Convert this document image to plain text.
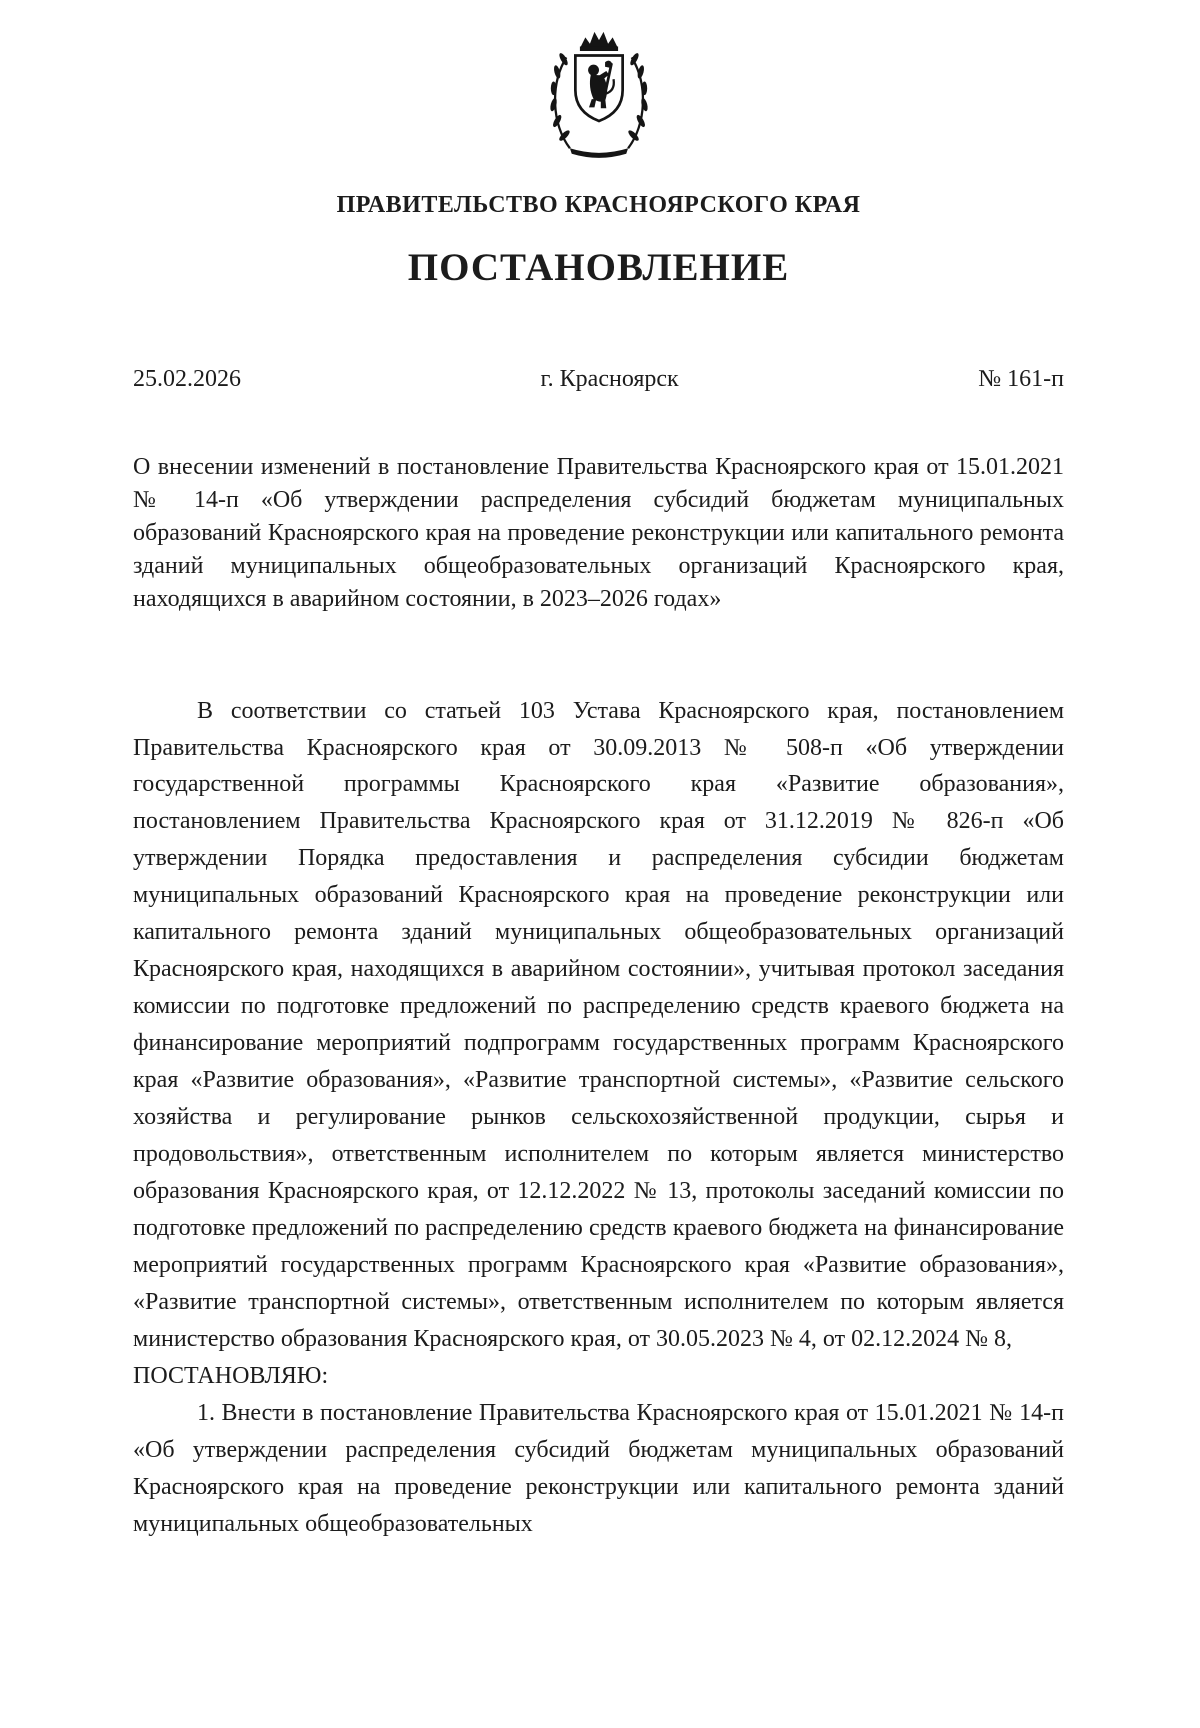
ПРАВИТЕЛЬСТВО КРАСНОЯРСКОГО КРАЯ
ПОСТАНОВЛЕНИЕ
25.02.2026	г. Красноярск	№ 161-п

О внесении изменений в постановление Правительства Красноярского края от 15.01.2021 № 14-п «Об утверждении распределения субсидий бюджетам муниципальных образований Красноярского края на проведение реконструкции или капитального ремонта зданий муниципальных общеобразовательных организаций Красноярского края, находящихся в аварийном состоянии, в 2023–2026 годах»

В соответствии со статьей 103 Устава Красноярского края, постановлением Правительства Красноярского края от 30.09.2013 № 508-п «Об утверждении государственной программы Красноярского края «Развитие образования», постановлением Правительства Красноярского края от 31.12.2019 № 826-п «Об утверждении Порядка предоставления и распределения субсидии бюджетам муниципальных образований Красноярского края на проведение реконструкции или капитального ремонта зданий муниципальных общеобразовательных организаций Красноярского края, находящихся в аварийном состоянии», учитывая протокол заседания комиссии по подготовке предложений по распределению средств краевого бюджета на финансирование мероприятий подпрограмм государственных программ Красноярского края «Развитие образования», «Развитие транспортной системы», «Развитие сельского хозяйства и регулирование рынков сельскохозяйственной продукции, сырья и продовольствия», ответственным исполнителем по которым является министерство образования Красноярского края, от 12.12.2022 № 13, протоколы заседаний комиссии по подготовке предложений по распределению средств краевого бюджета на финансирование мероприятий государственных программ Красноярского края «Развитие образования», «Развитие транспортной системы», ответственным исполнителем по которым является министерство образования Красноярского края, от 30.05.2023 № 4, от 02.12.2024 № 8,

ПОСТАНОВЛЯЮ:

1. Внести в постановление Правительства Красноярского края от 15.01.2021 № 14-п «Об утверждении распределения субсидий бюджетам муниципальных образований Красноярского края на проведение реконструкции или капитального ремонта зданий муниципальных общеобразовательных
